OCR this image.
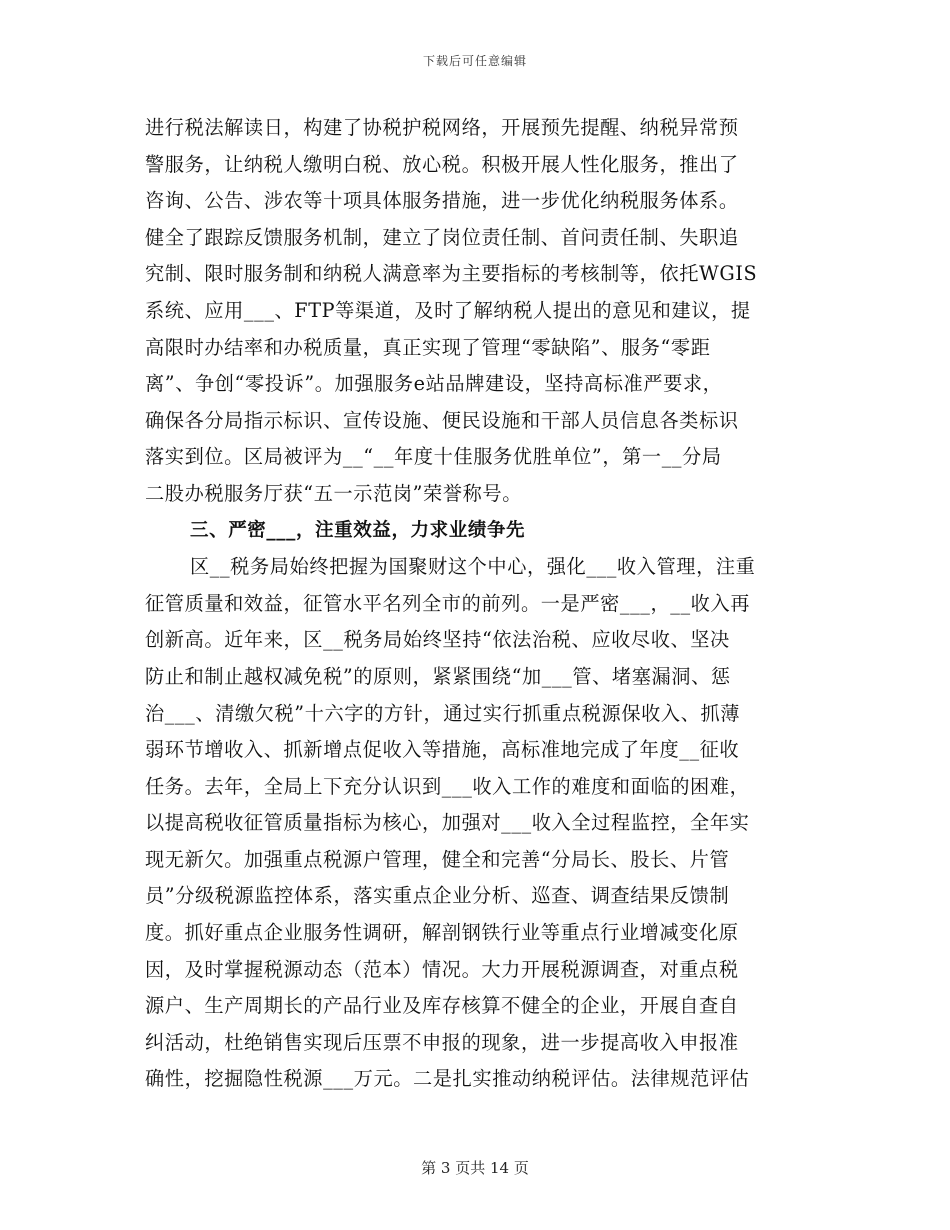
下载后可任意编辑
进行税法解读日，构建了协税护税网络，开展预先提醒、纳税异常预
警服务，让纳税人缴明白税、放心税。积极开展人性化服务，推出了
咨询、公告、涉农等十项具体服务措施，进一步优化纳税服务体系。
健全了跟踪反馈服务机制，建立了岗位责任制、首问责任制、失职追
究制、限时服务制和纳税人满意率为主要指标的考核制等，依托WGIS
系统、应用___、FTP等渠道，及时了解纳税人提出的意见和建议，提
高限时办结率和办税质量，真正实现了管理“零缺陷”、服务“零距
离”、争创“零投诉”。加强服务e站品牌建设，坚持高标准严要求，
确保各分局指示标识、宣传设施、便民设施和干部人员信息各类标识
落实到位。区局被评为__“__年度十佳服务优胜单位”，第一__分局
二股办税服务厅获“五一示范岗”荣誉称号。
三、严密___，注重效益，力求业绩争先
区__税务局始终把握为国聚财这个中心，强化___收入管理，注重
征管质量和效益，征管水平名列全市的前列。一是严密___，__收入再
创新高。近年来，区__税务局始终坚持“依法治税、应收尽收、坚决
防止和制止越权减免税”的原则，紧紧围绕“加___管、堵塞漏洞、惩
治___、清缴欠税”十六字的方针，通过实行抓重点税源保收入、抓薄
弱环节增收入、抓新增点促收入等措施，高标准地完成了年度__征收
任务。去年，全局上下充分认识到___收入工作的难度和面临的困难，
以提高税收征管质量指标为核心，加强对___收入全过程监控，全年实
现无新欠。加强重点税源户管理，健全和完善“分局长、股长、片管
员”分级税源监控体系，落实重点企业分析、巡查、调查结果反馈制
度。抓好重点企业服务性调研，解剖钢铁行业等重点行业增减变化原
因，及时掌握税源动态（范本）情况。大力开展税源调查，对重点税
源户、生产周期长的产品行业及库存核算不健全的企业，开展自查自
纠活动，杜绝销售实现后压票不申报的现象，进一步提高收入申报准
确性，挖掘隐性税源___万元。二是扎实推动纳税评估。法律规范评估
第 3 页共 14 页
